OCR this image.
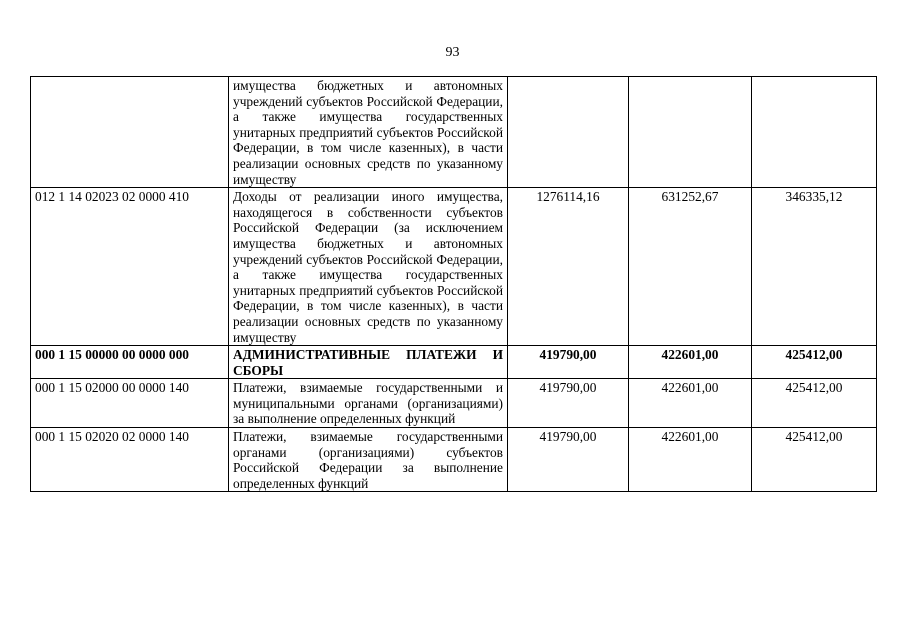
93
	имущества бюджетных и автономных учреждений субъектов Российской Федерации, а также имущества государственных унитарных предприятий субъектов Российской Федерации, в том числе казенных), в части реализации основных средств по указанному имуществу			
012 1 14 02023 02 0000 410	Доходы от реализации иного имущества, находящегося в собственности субъектов Российской Федерации (за исключением имущества бюджетных и автономных учреждений субъектов Российской Федерации, а также имущества государственных унитарных предприятий субъектов Российской Федерации, в том числе казенных), в части реализации основных средств по указанному имуществу	1276114,16	631252,67	346335,12
000 1 15 00000 00 0000 000	АДМИНИСТРАТИВНЫЕ ПЛАТЕЖИ И СБОРЫ	419790,00	422601,00	425412,00
000 1 15 02000 00 0000 140	Платежи, взимаемые государственными и муниципальными органами (организациями) за выполнение определенных функций	419790,00	422601,00	425412,00
000 1 15 02020 02 0000 140	Платежи, взимаемые государственными органами (организациями) субъектов Российской Федерации за выполнение определенных функций	419790,00	422601,00	425412,00
